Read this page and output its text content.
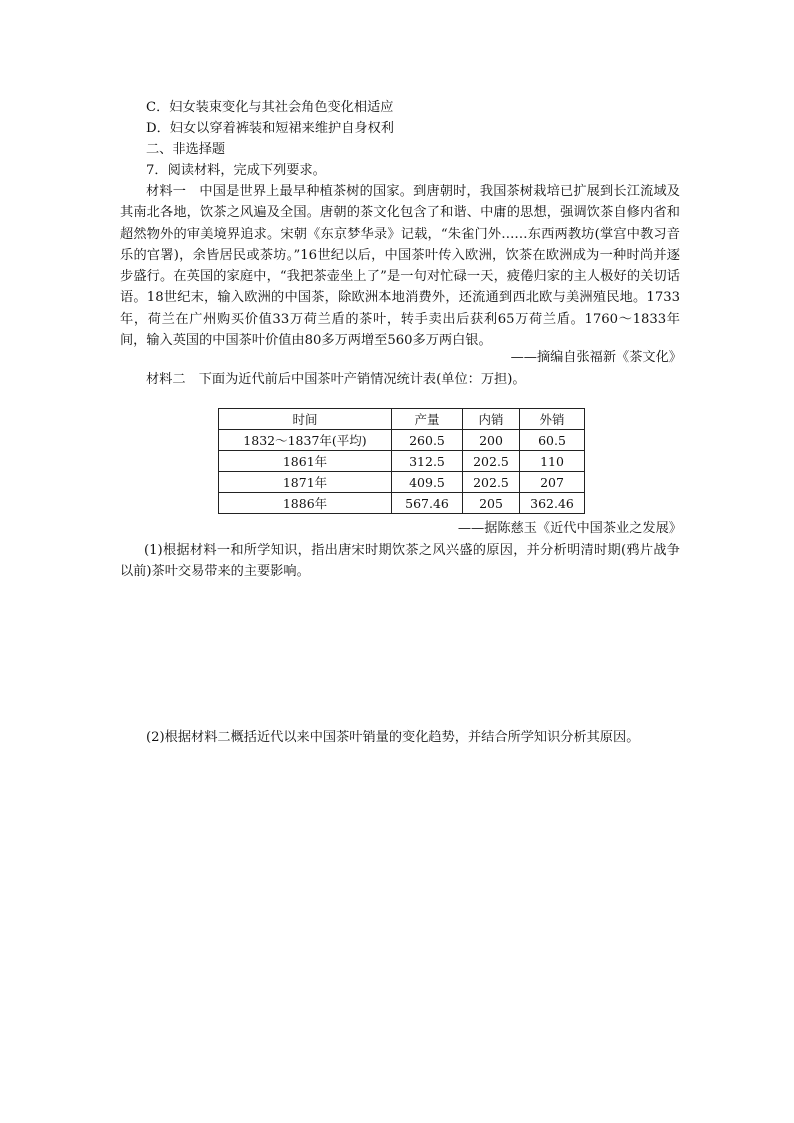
C．妇女装束变化与其社会角色变化相适应
D．妇女以穿着裤装和短裙来维护自身权利
二、非选择题
7．阅读材料，完成下列要求。

材料一　中国是世界上最早种植茶树的国家。到唐朝时，我国茶树栽培已扩展到长江流域及其南北各地，饮茶之风遍及全国。唐朝的茶文化包含了和谐、中庸的思想，强调饮茶自修内省和超然物外的审美境界追求。宋朝《东京梦华录》记载，“朱雀门外……东西两教坊(掌宫中教习音乐的官署)，余皆居民或茶坊。”16世纪以后，中国茶叶传入欧洲，饮茶在欧洲成为一种时尚并逐步盛行。在英国的家庭中，“我把茶壶坐上了”是一句对忙碌一天，疲倦归家的主人极好的关切话语。18世纪末，输入欧洲的中国茶，除欧洲本地消费外，还流通到西北欧与美洲殖民地。1733年，荷兰在广州购买价值33万荷兰盾的茶叶，转手卖出后获利65万荷兰盾。1760～1833年间，输入英国的中国茶叶价值由80多万两增至560多万两白银。

——摘编自张福新《茶文化》
材料二　下面为近代前后中国茶叶产销情况统计表(单位：万担)。
时间	产量	内销	外销
1832～1837年(平均)	260.5	200	60.5
1861年	312.5	202.5	110
1871年	409.5	202.5	207
1886年	567.46	205	362.46
——据陈慈玉《近代中国茶业之发展》

(1)根据材料一和所学知识，指出唐宋时期饮茶之风兴盛的原因，并分析明清时期(鸦片战争以前)茶叶交易带来的主要影响。

(2)根据材料二概括近代以来中国茶叶销量的变化趋势，并结合所学知识分析其原因。
